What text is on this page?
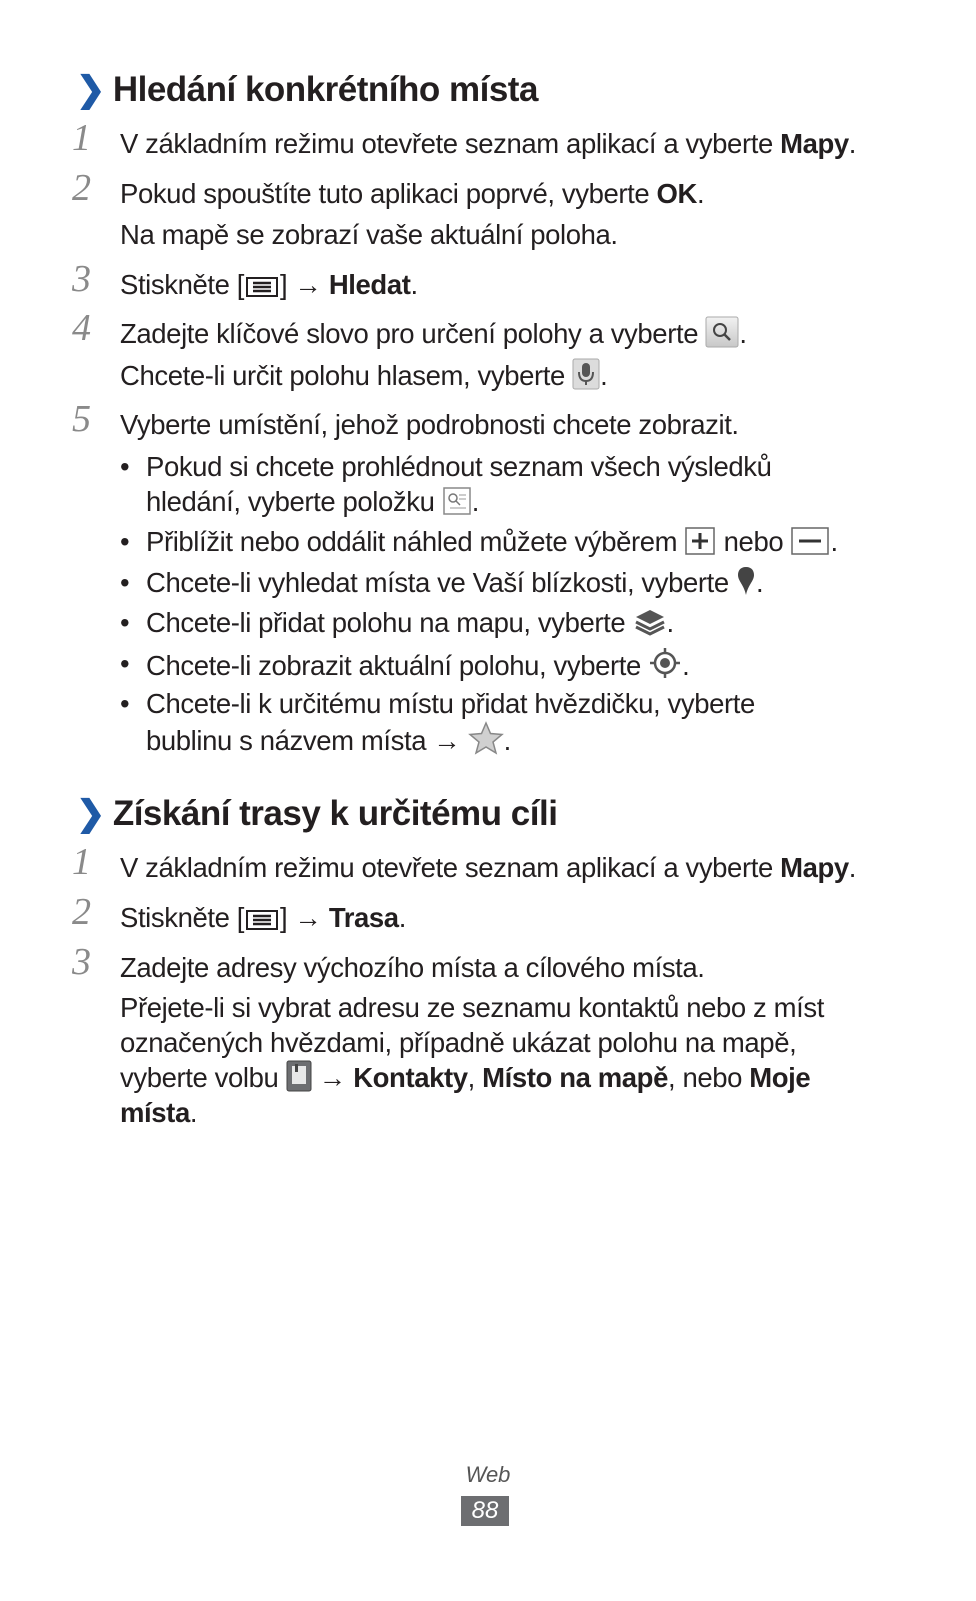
❯ Hledání konkrétního místa
1	V základním režimu otevřete seznam aplikací a vyberte Mapy.
2	Pokud spouštíte tuto aplikaci poprvé, vyberte OK.
Na mapě se zobrazí vaše aktuální poloha.
3	Stiskněte [ ] → Hledat.
4	Zadejte klíčové slovo pro určení polohy a vyberte
.
Chcete-li určit polohu hlasem, vyberte
.
5	Vyberte umístění, jehož podrobnosti chcete zobrazit.
• Pokud si chcete prohlédnout seznam všech výsledků
hledání, vyberte položku
.
• Přiblížit nebo oddálit náhled můžete výběrem
nebo
.
• Chcete-li vyhledat místa ve Vaší blízkosti, vyberte
.
• Chcete-li přidat polohu na mapu, vyberte
.
• Chcete-li zobrazit aktuální polohu, vyberte
.
• Chcete-li k určitému místu přidat hvězdičku, vyberte
bublinu s názvem místa →
.
❯ Získání trasy k určitému cíli
1	V základním režimu otevřete seznam aplikací a vyberte Mapy.
2	Stiskněte [ ] → Trasa.
3	Zadejte adresy výchozího místa a cílového místa.
Přejete-li si vybrat adresu ze seznamu kontaktů nebo z míst
označených hvězdami, případně ukázat polohu na mapě,
vyberte volbu
→ Kontakty, Místo na mapě, nebo Moje
místa.
Web
88
